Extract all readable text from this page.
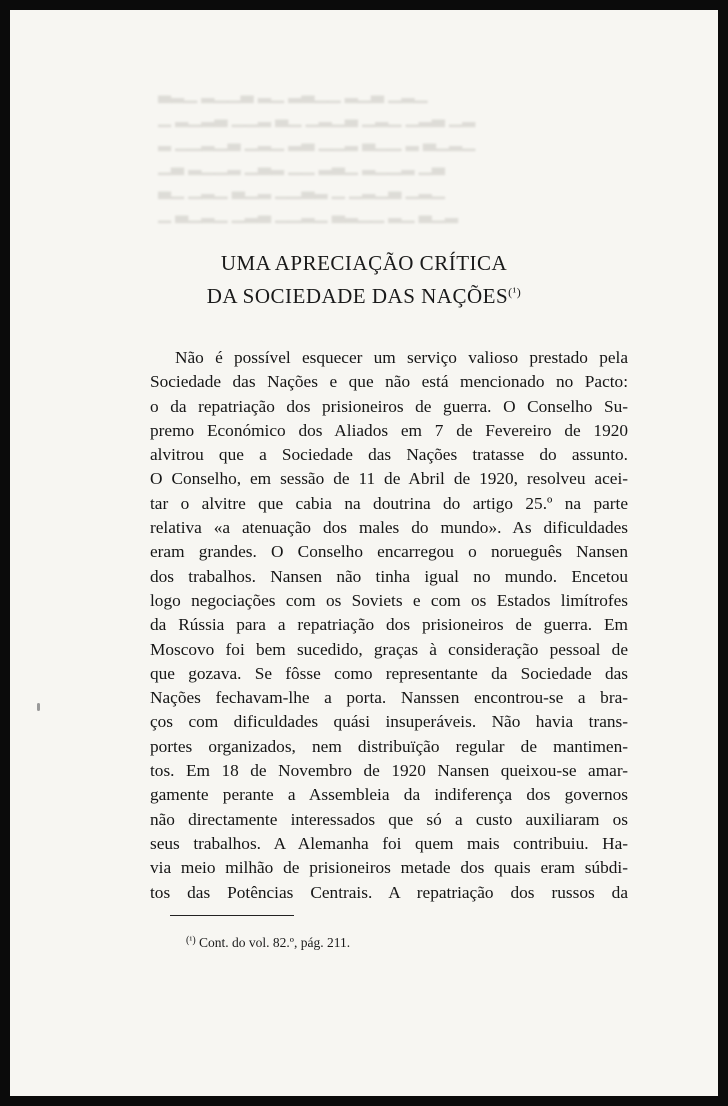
▁▂▁ ▃▁▂ ▁▁▃▂ ▁▂ ▃▁▁▂ ▁▂▃
▂▁ ▃▂▁ ▁▂▁ ▃▁▂▁ ▁▃ ▂▁▁ ▃▂▁▂ ▁
▁▂▁▃ ▂ ▁▁▃ ▂▁▁ ▃▂ ▁▂▁ ▃▁▂▁▁ ▂
▃▁ ▂▁▁▂ ▁▃▂ ▁▁ ▂▃▁ ▂▁▁▂ ▃▁
▁▂▁ ▃▁▂▁ ▁ ▂▃▁▁ ▂▁▃ ▁▂▁ ▁▃
▂▁▃ ▁▂ ▁▁▂▃ ▁▂▁▁ ▃▂▁ ▁▂▁▃ ▁
UMA APRECIAÇÃO CRÍTICA
DA SOCIEDADE DAS $NAÇÕES^{(^1)}$
Não é possível esquecer um serviço valioso prestado pela
Sociedade das Nações e que não está mencionado no Pacto:
o da repatriação dos prisioneiros de guerra. O Conselho Su-
premo Económico dos Aliados em 7 de Fevereiro de 1920
alvitrou que a Sociedade das Nações tratasse do assunto.
O Conselho, em sessão de 11 de Abril de 1920, resolveu acei-
tar o alvitre que cabia na doutrina do artigo 25.º na parte
relativa «a atenuação dos males do mundo». As dificuldades
eram grandes. O Conselho encarregou o norueguês Nansen
dos trabalhos. Nansen não tinha igual no mundo. Encetou
logo negociações com os Soviets e com os Estados limítrofes
da Rússia para a repatriação dos prisioneiros de guerra. Em
Moscovo foi bem sucedido, graças à consideração pessoal de
que gozava. Se fôsse como representante da Sociedade das
Nações fechavam-lhe a porta. Nanssen encontrou-se a bra-
ços com dificuldades quási insuperáveis. Não havia trans-
portes organizados, nem distribuïção regular de mantimen-
tos. Em 18 de Novembro de 1920 Nansen queixou-se amar-
gamente perante a Assembleia da indiferença dos governos
não directamente interessados que só a custo auxiliaram os
seus trabalhos. A Alemanha foi quem mais contribuiu. Ha-
via meio milhão de prisioneiros metade dos quais eram súbdi-
tos das Potências Centrais. A repatriação dos russos da
$^{(^1)}$ Cont. do vol. 82.º, pág. 211.
